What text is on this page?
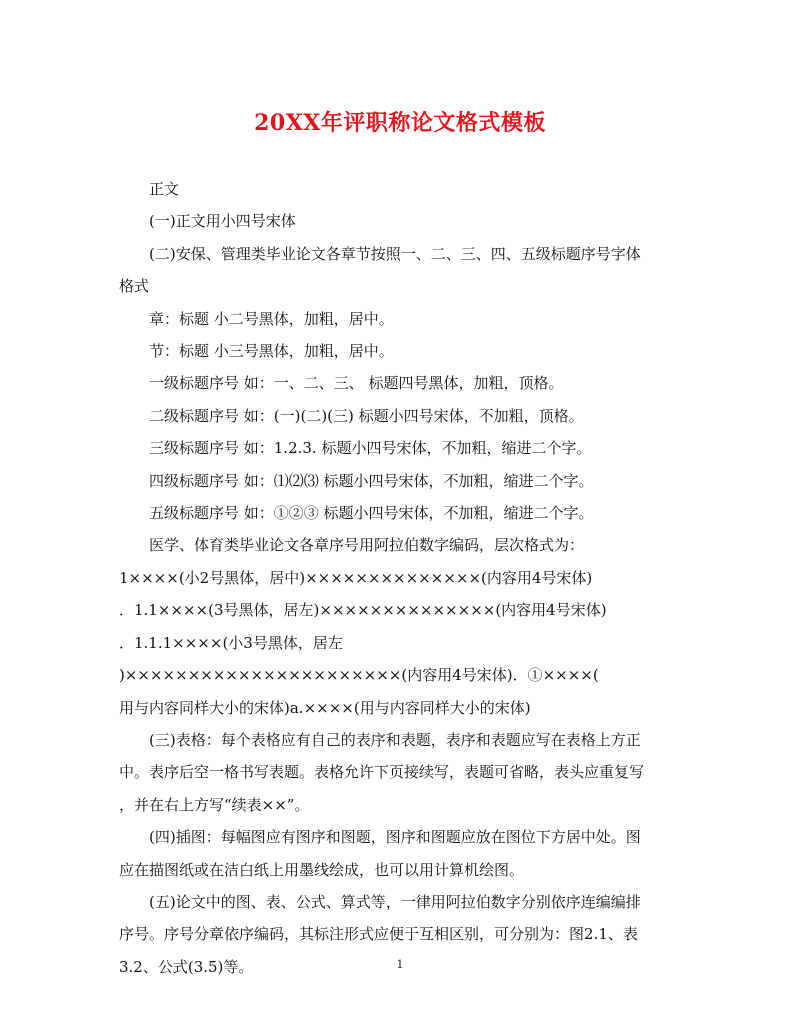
20XX年评职称论文格式模板

正文

(一)正文用小四号宋体

(二)安保、管理类毕业论文各章节按照一、二、三、四、五级标题序号字体

格式

章：标题 小二号黑体，加粗，居中。

节：标题 小三号黑体，加粗，居中。

一级标题序号 如：一、二、三、 标题四号黑体，加粗，顶格。

二级标题序号 如：(一)(二)(三) 标题小四号宋体，不加粗，顶格。

三级标题序号 如：1.2.3. 标题小四号宋体，不加粗，缩进二个字。

四级标题序号 如：⑴⑵⑶ 标题小四号宋体，不加粗，缩进二个字。

五级标题序号 如：①②③ 标题小四号宋体，不加粗，缩进二个字。

医学、体育类毕业论文各章序号用阿拉伯数字编码，层次格式为：

1××××(小2号黑体，居中)××××××××××××××(内容用4号宋体)

．1.1××××(3号黑体，居左)××××××××××××××(内容用4号宋体)

．1.1.1××××(小3号黑体，居左

)××××××××××××××××××××××(内容用4号宋体)．①××××(

用与内容同样大小的宋体)a.××××(用与内容同样大小的宋体)

(三)表格：每个表格应有自己的表序和表题，表序和表题应写在表格上方正

中。表序后空一格书写表题。表格允许下页接续写，表题可省略，表头应重复写

，并在右上方写“续表××”。

(四)插图：每幅图应有图序和图题，图序和图题应放在图位下方居中处。图

应在描图纸或在洁白纸上用墨线绘成，也可以用计算机绘图。

(五)论文中的图、表、公式、算式等，一律用阿拉伯数字分别依序连编编排

序号。序号分章依序编码，其标注形式应便于互相区别，可分别为：图2.1、表

3.2、公式(3.5)等。	1
